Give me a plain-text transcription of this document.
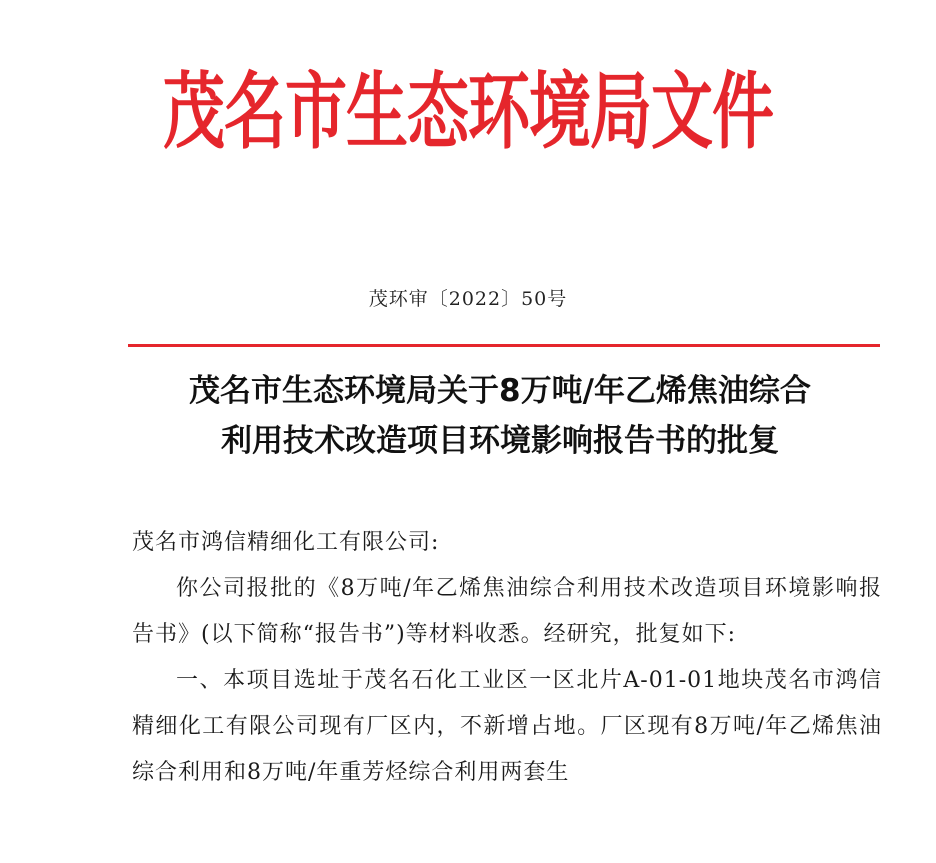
茂名市生态环境局文件
茂环审〔2022〕50号
茂名市生态环境局关于8万吨/年乙烯焦油综合
利用技术改造项目环境影响报告书的批复

茂名市鸿信精细化工有限公司:

你公司报批的《8万吨/年乙烯焦油综合利用技术改造项目环境影响报告书》(以下简称“报告书”)等材料收悉。经研究，批复如下:

一、本项目选址于茂名石化工业区一区北片A-01-01地块茂名市鸿信精细化工有限公司现有厂区内，不新增占地。厂区现有8万吨/年乙烯焦油综合利用和8万吨/年重芳烃综合利用两套生
